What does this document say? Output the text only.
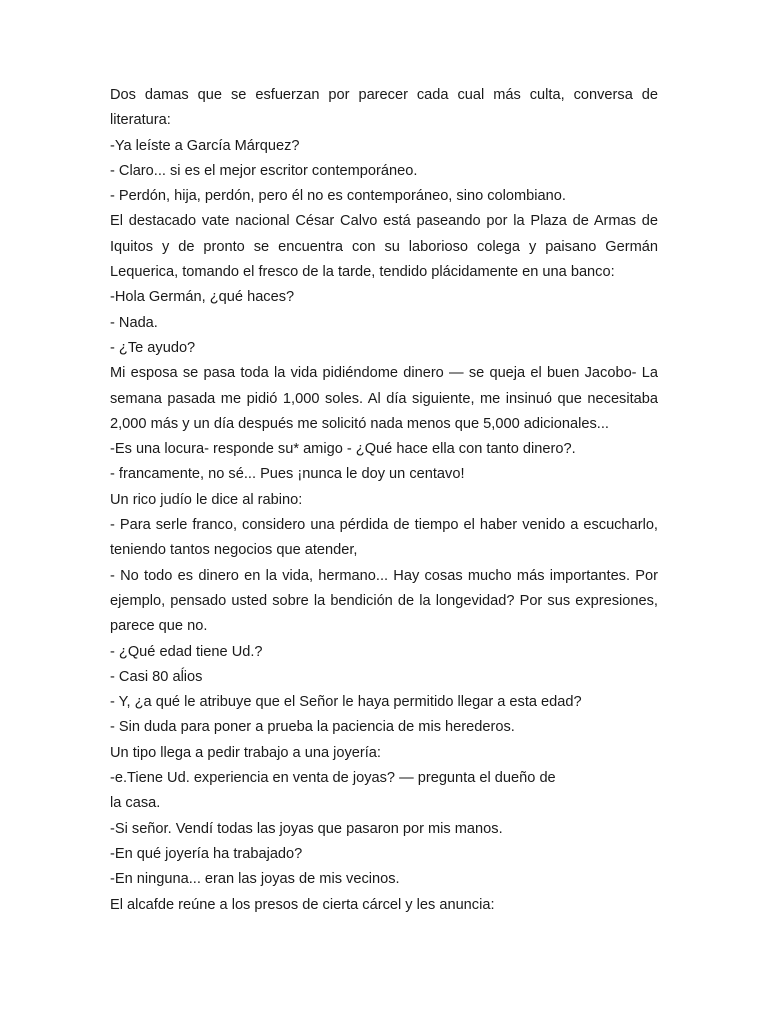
Dos damas que se esfuerzan por parecer cada cual más culta, conversa de literatura:

-Ya leíste a García Márquez?

- Claro... si es el mejor escritor contemporáneo.

- Perdón, hija, perdón, pero él no es contemporáneo, sino colombiano.

El destacado vate nacional César Calvo está paseando por la Plaza de Armas de Iquitos y de pronto se encuentra con su laborioso colega y paisano Germán Lequerica, tomando el fresco de la tarde, tendido plácidamente en una banco:

-Hola Germán, ¿qué haces?

- Nada.

- ¿Te ayudo?

Mi esposa se pasa toda la vida pidiéndome dinero — se queja el buen Jacobo- La semana pasada me pidió 1,000 soles. Al día siguiente, me insinuó que necesitaba 2,000 más y un día después me solicitó nada menos que 5,000 adicionales...

-Es una locura- responde su* amigo - ¿Qué hace ella con tanto dinero?.

- francamente, no sé... Pues ¡nunca le doy un centavo!

Un rico judío le dice al rabino:

- Para serle franco, considero una pérdida de tiempo el haber venido a escucharlo, teniendo tantos negocios que atender,

- No todo es dinero en la vida, hermano... Hay cosas mucho más importantes. Por ejemplo, pensado usted sobre la bendición de la longevidad? Por sus expresiones, parece que no.

- ¿Qué edad tiene Ud.?

- Casi 80 aĺios

- Y, ¿a qué le atribuye que el Señor le haya permitido llegar a esta edad?

- Sin duda para poner a prueba la paciencia de mis herederos.

Un tipo llega a pedir trabajo a una joyería:

-e.Tiene Ud. experiencia en venta de joyas? — pregunta el dueño de

la casa.

-Si señor. Vendí todas las joyas que pasaron por mis manos.

-En qué joyería ha trabajado?

-En ninguna... eran las joyas de mis vecinos.

El alcafde reúne a los presos de cierta cárcel y les anuncia:
